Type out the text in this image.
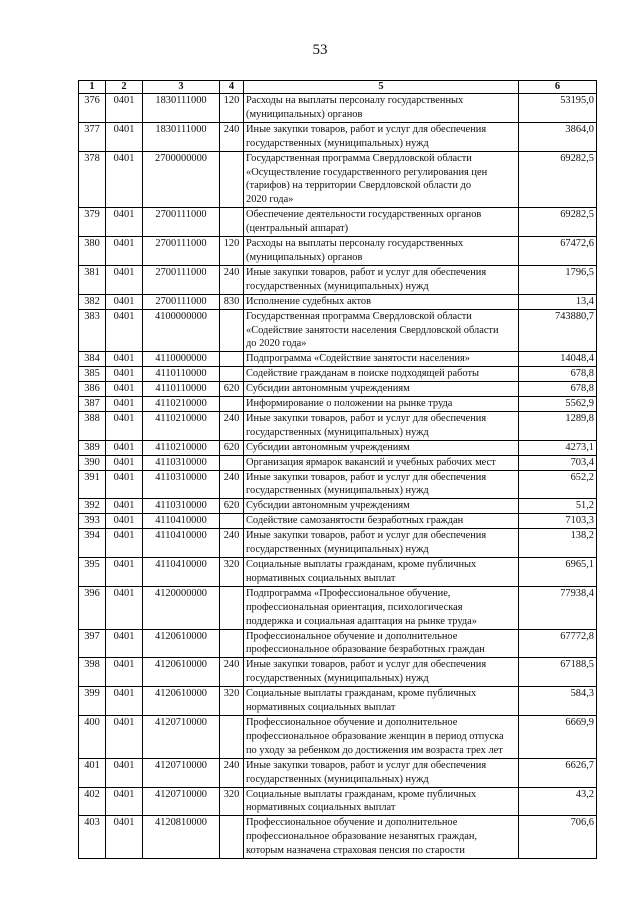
53
1	2	3	4	5	6
376	0401	1830111000	120	Расходы на выплаты персоналу государственных
(муниципальных) органов	53195,0
377	0401	1830111000	240	Иные закупки товаров, работ и услуг для обеспечения
государственных (муниципальных) нужд	3864,0
378	0401	2700000000		Государственная программа Свердловской области
«Осуществление государственного регулирования цен
(тарифов) на территории Свердловской области до
2020 года»	69282,5
379	0401	2700111000		Обеспечение деятельности государственных органов
(центральный аппарат)	69282,5
380	0401	2700111000	120	Расходы на выплаты персоналу государственных
(муниципальных) органов	67472,6
381	0401	2700111000	240	Иные закупки товаров, работ и услуг для обеспечения
государственных (муниципальных) нужд	1796,5
382	0401	2700111000	830	Исполнение судебных актов	13,4
383	0401	4100000000		Государственная программа Свердловской области
«Содействие занятости населения Свердловской области
до 2020 года»	743880,7
384	0401	4110000000		Подпрограмма «Содействие занятости населения»	14048,4
385	0401	4110110000		Содействие гражданам в поиске подходящей работы	678,8
386	0401	4110110000	620	Субсидии автономным учреждениям	678,8
387	0401	4110210000		Информирование о положении на рынке труда	5562,9
388	0401	4110210000	240	Иные закупки товаров, работ и услуг для обеспечения
государственных (муниципальных) нужд	1289,8
389	0401	4110210000	620	Субсидии автономным учреждениям	4273,1
390	0401	4110310000		Организация ярмарок вакансий и учебных рабочих мест	703,4
391	0401	4110310000	240	Иные закупки товаров, работ и услуг для обеспечения
государственных (муниципальных) нужд	652,2
392	0401	4110310000	620	Субсидии автономным учреждениям	51,2
393	0401	4110410000		Содействие самозанятости безработных граждан	7103,3
394	0401	4110410000	240	Иные закупки товаров, работ и услуг для обеспечения
государственных (муниципальных) нужд	138,2
395	0401	4110410000	320	Социальные выплаты гражданам, кроме публичных
нормативных социальных выплат	6965,1
396	0401	4120000000		Подпрограмма «Профессиональное обучение,
профессиональная ориентация, психологическая
поддержка и социальная адаптация на рынке труда»	77938,4
397	0401	4120610000		Профессиональное обучение и дополнительное
профессиональное образование безработных граждан	67772,8
398	0401	4120610000	240	Иные закупки товаров, работ и услуг для обеспечения
государственных (муниципальных) нужд	67188,5
399	0401	4120610000	320	Социальные выплаты гражданам, кроме публичных
нормативных социальных выплат	584,3
400	0401	4120710000		Профессиональное обучение и дополнительное
профессиональное образование женщин в период отпуска
по уходу за ребенком до достижения им возраста трех лет	6669,9
401	0401	4120710000	240	Иные закупки товаров, работ и услуг для обеспечения
государственных (муниципальных) нужд	6626,7
402	0401	4120710000	320	Социальные выплаты гражданам, кроме публичных
нормативных социальных выплат	43,2
403	0401	4120810000		Профессиональное обучение и дополнительное
профессиональное образование незанятых граждан,
которым назначена страховая пенсия по старости	706,6
